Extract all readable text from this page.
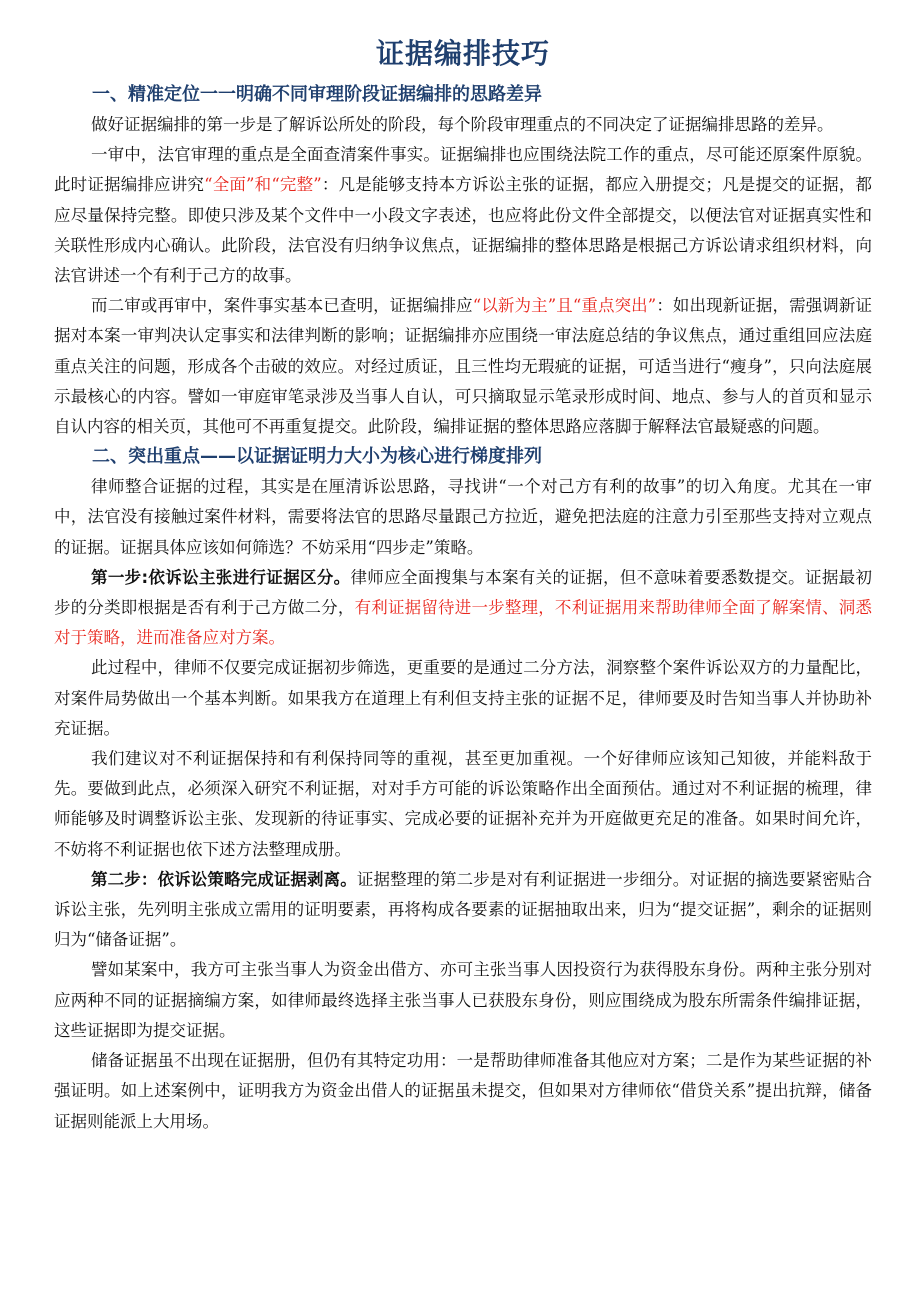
证据编排技巧
一、精准定位一一明确不同审理阶段证据编排的思路差异

做好证据编排的第一步是了解诉讼所处的阶段，每个阶段审理重点的不同决定了证据编排思路的差异。

一审中，法官审理的重点是全面查清案件事实。证据编排也应围绕法院工作的重点，尽可能还原案件原貌。此时证据编排应讲究“全面”和“完整”：凡是能够支持本方诉讼主张的证据，都应入册提交；凡是提交的证据，都应尽量保持完整。即使只涉及某个文件中一小段文字表述，也应将此份文件全部提交，以便法官对证据真实性和关联性形成内心确认。此阶段，法官没有归纳争议焦点，证据编排的整体思路是根据己方诉讼请求组织材料，向法官讲述一个有利于己方的故事。

而二审或再审中，案件事实基本已查明，证据编排应“以新为主”且“重点突出”：如出现新证据，需强调新证据对本案一审判决认定事实和法律判断的影响；证据编排亦应围绕一审法庭总结的争议焦点，通过重组回应法庭重点关注的问题，形成各个击破的效应。对经过质证，且三性均无瑕疵的证据，可适当进行“瘦身”，只向法庭展示最核心的内容。譬如一审庭审笔录涉及当事人自认，可只摘取显示笔录形成时间、地点、参与人的首页和显示自认内容的相关页，其他可不再重复提交。此阶段，编排证据的整体思路应落脚于解释法官最疑惑的问题。

二、突出重点——以证据证明力大小为核心进行梯度排列

律师整合证据的过程，其实是在厘清诉讼思路，寻找讲“一个对己方有利的故事”的切入角度。尤其在一审中，法官没有接触过案件材料，需要将法官的思路尽量跟己方拉近，避免把法庭的注意力引至那些支持对立观点的证据。证据具体应该如何筛选？不妨采用“四步走”策略。

第一步:依诉讼主张进行证据区分。律师应全面搜集与本案有关的证据，但不意味着要悉数提交。证据最初步的分类即根据是否有利于己方做二分，有利证据留待进一步整理，不利证据用来帮助律师全面了解案情、洞悉对于策略，进而准备应对方案。

此过程中，律师不仅要完成证据初步筛选，更重要的是通过二分方法，洞察整个案件诉讼双方的力量配比，对案件局势做出一个基本判断。如果我方在道理上有利但支持主张的证据不足，律师要及时告知当事人并协助补充证据。

我们建议对不利证据保持和有利保持同等的重视，甚至更加重视。一个好律师应该知己知彼，并能料敌于先。要做到此点，必须深入研究不利证据，对对手方可能的诉讼策略作出全面预估。通过对不利证据的梳理，律师能够及时调整诉讼主张、发现新的待证事实、完成必要的证据补充并为开庭做更充足的准备。如果时间允许，不妨将不利证据也依下述方法整理成册。

第二步：依诉讼策略完成证据剥离。证据整理的第二步是对有利证据进一步细分。对证据的摘选要紧密贴合诉讼主张，先列明主张成立需用的证明要素，再将构成各要素的证据抽取出来，归为“提交证据”，剩余的证据则归为“储备证据”。

譬如某案中，我方可主张当事人为资金出借方、亦可主张当事人因投资行为获得股东身份。两种主张分别对应两种不同的证据摘编方案，如律师最终选择主张当事人已获股东身份，则应围绕成为股东所需条件编排证据，这些证据即为提交证据。

储备证据虽不出现在证据册，但仍有其特定功用：一是帮助律师准备其他应对方案；二是作为某些证据的补强证明。如上述案例中，证明我方为资金出借人的证据虽未提交，但如果对方律师依“借贷关系”提出抗辩，储备证据则能派上大用场。
